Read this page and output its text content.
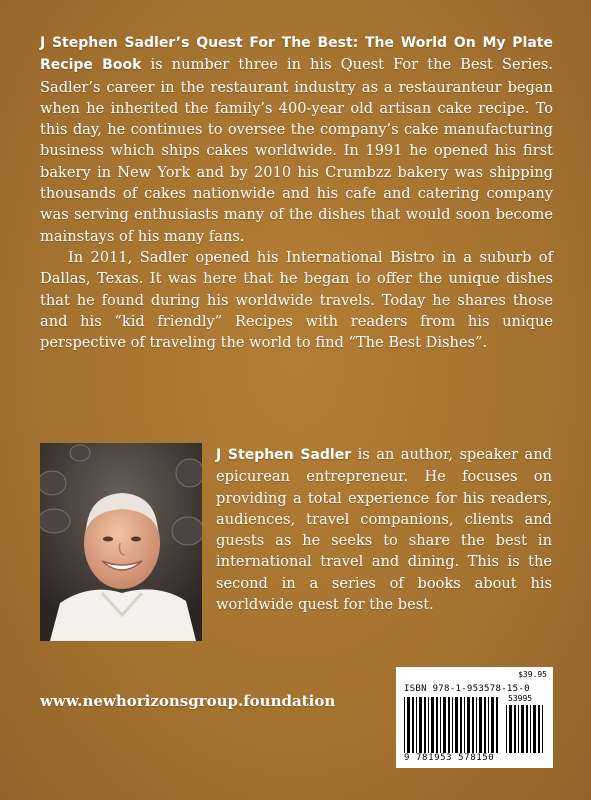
J Stephen Sadler’s Quest For The Best: The World On My Plate Recipe Book is number three in his Quest For the Best Series. Sadler’s career in the restaurant industry as a restauranteur began when he inherited the family’s 400-year old artisan cake recipe. To this day, he continues to oversee the company’s cake manufacturing business which ships cakes worldwide. In 1991 he opened his first bakery in New York and by 2010 his Crumbzz bakery was shipping thousands of cakes nationwide and his cafe and catering company was serving enthusiasts many of the dishes that would soon become mainstays of his many fans.

In 2011, Sadler opened his International Bistro in a suburb of Dallas, Texas. It was here that he began to offer the unique dishes that he found during his worldwide travels. Today he shares those and his “kid friendly” Recipes with readers from his unique perspective of traveling the world to find “The Best Dishes”.

J Stephen Sadler is an author, speaker and epicurean entrepreneur. He focuses on providing a total experience for his readers, audiences, travel companions, clients and guests as he seeks to share the best in international travel and dining. This is the second in a series of books about his worldwide quest for the best.
www.newhorizonsgroup.foundation
$39.95
ISBN 978-1-953578-15-0
53995
9 781953 578150
